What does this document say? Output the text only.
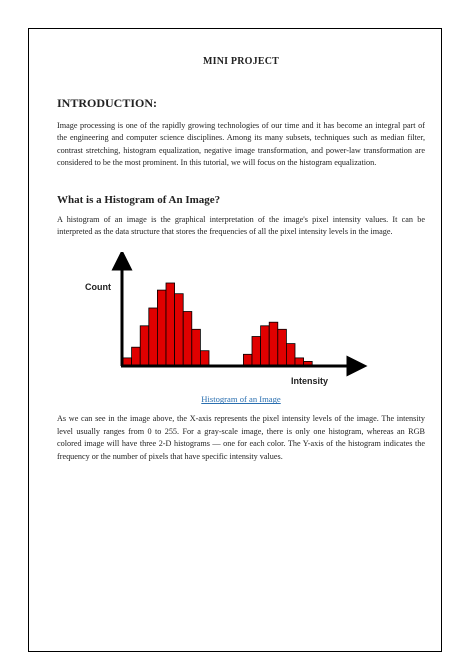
MINI PROJECT

INTRODUCTION:

Image processing is one of the rapidly growing technologies of our time and it has become an integral part of the engineering and computer science disciplines. Among its many subsets, techniques such as median filter, contrast stretching, histogram equalization, negative image transformation, and power-law transformation are considered to be the most prominent. In this tutorial, we will focus on the histogram equalization.

What is a Histogram of An Image?

A histogram of an image is the graphical interpretation of the image's pixel intensity values. It can be interpreted as the data structure that stores the frequencies of all the pixel intensity levels in the image.

Count
Intensity

Histogram of an Image

As we can see in the image above, the X-axis represents the pixel intensity levels of the image. The intensity level usually ranges from 0 to 255. For a gray-scale image, there is only one histogram, whereas an RGB colored image will have three 2-D histograms — one for each color. The Y-axis of the histogram indicates the frequency or the number of pixels that have specific intensity values.
